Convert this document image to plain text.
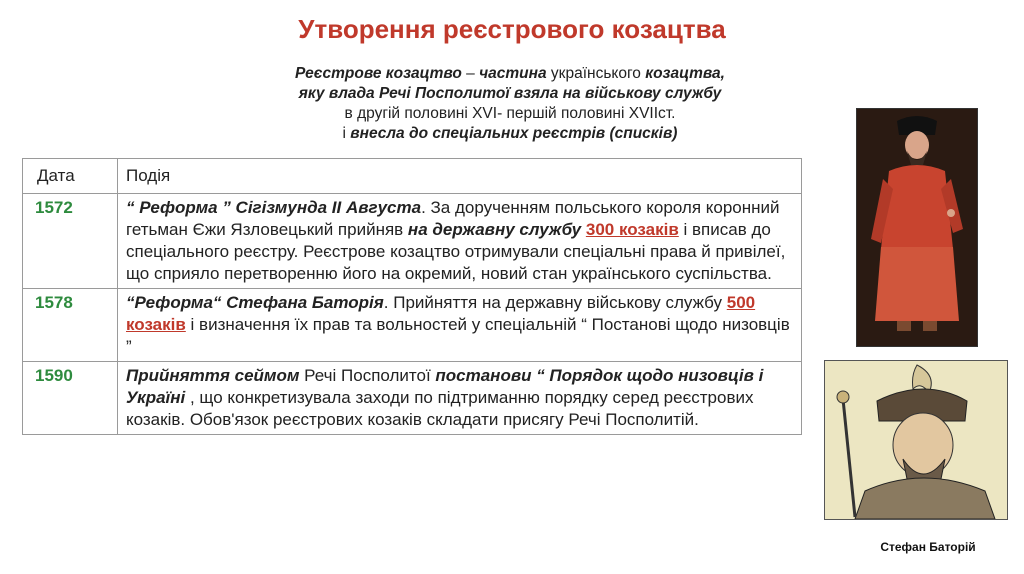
Утворення реєстрового козацтва
Реєстрове козацтво – частина українського козацтва,
яку влада Речі Посполитої взяла на військову службу
в другій половині XVI- першій половині XVIIст.
і внесла до спеціальних реєстрів (списків)
Дата	Подія
1572	“ Реформа ” Сігізмунда ІІ Августа. За дорученням польського короля коронний гетьман Єжи Язловецький прийняв на державну службу 300 козаків і вписав до спеціального реєстру. Реєстрове козацтво отримували спеціальні права й привілеї, що сприяло перетворенню його на окремий, новий стан українського суспільства.
1578	“Реформа“ Стефана Баторія. Прийняття на державну військову службу 500 козаків і визначення їх прав та вольностей у спеціальній “ Постанові щодо низовців ”
1590	Прийняття сеймом Речі Посполитої постанови “ Порядок щодо низовців і Україні , що конкретизувала заходи по підтриманню порядку серед реєстрових козаків. Обов'язок реєстрових козаків складати присягу Речі Посполитій.
Стефан Баторій
